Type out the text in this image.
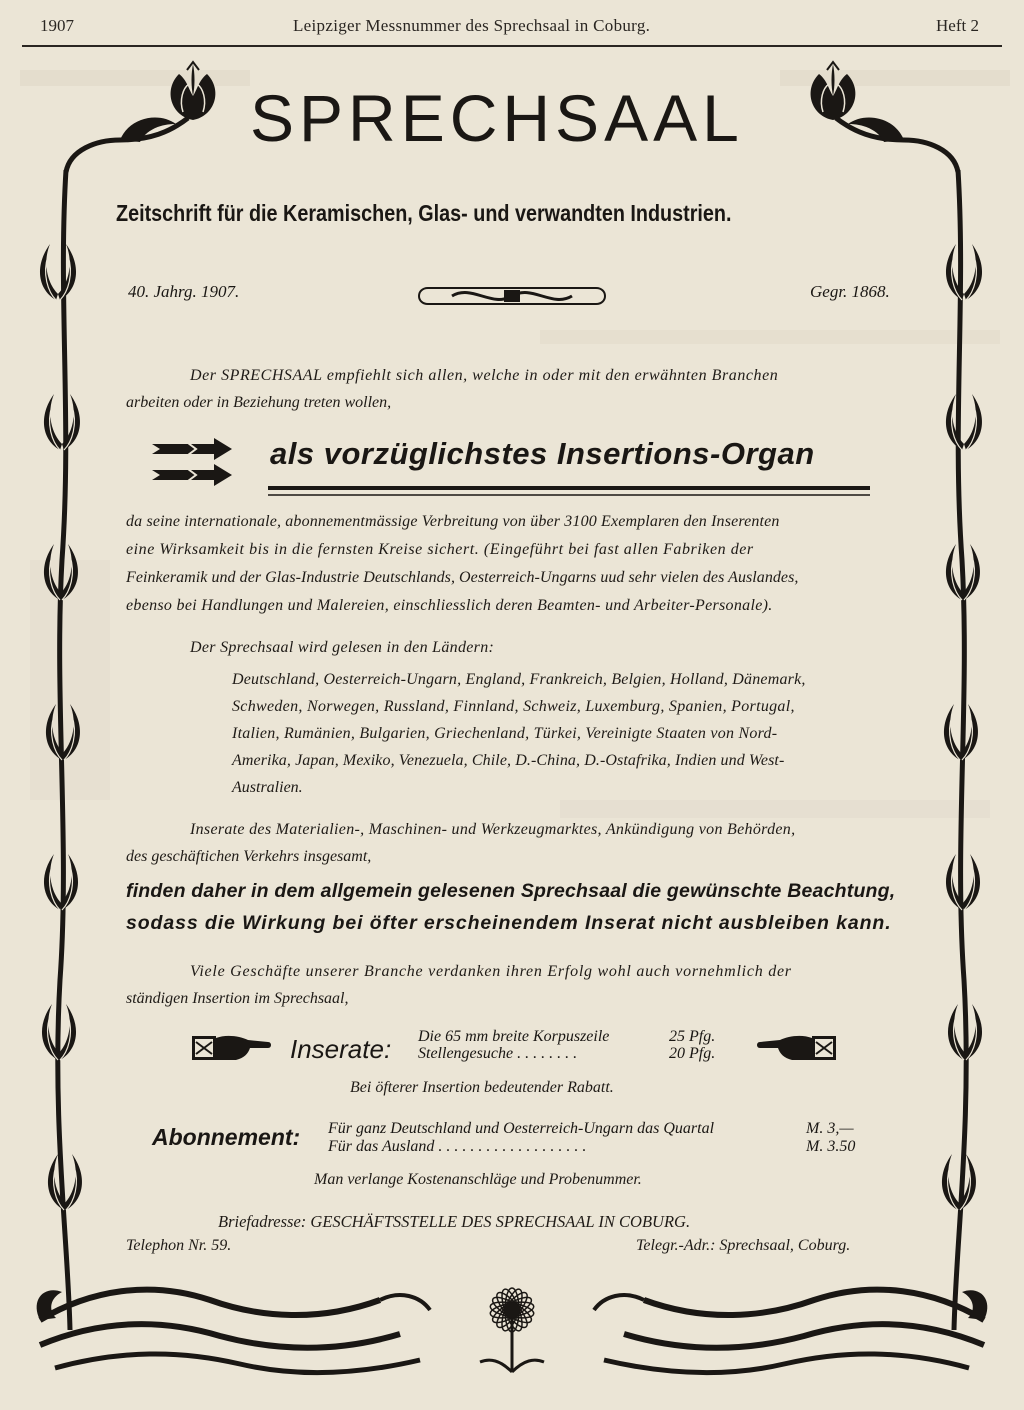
1907	Leipziger Messnummer des Sprechsaal in Coburg.	Heft 2
SPRECHSAAL
Zeitschrift für die Keramischen, Glas- und verwandten Industrien.
40. Jahrg. 1907.	Gegr. 1868.
Der SPRECHSAAL empfiehlt sich allen, welche in oder mit den erwähnten Branchen
arbeiten oder in Beziehung treten wollen,
als vorzüglichstes Insertions-Organ
da seine internationale, abonnementmässige Verbreitung von über 3100 Exemplaren den Inserenten
eine Wirksamkeit bis in die fernsten Kreise sichert. (Eingeführt bei fast allen Fabriken der
Feinkeramik und der Glas-Industrie Deutschlands, Oesterreich-Ungarns uud sehr vielen des Auslandes,
ebenso bei Handlungen und Malereien, einschliesslich deren Beamten- und Arbeiter-Personale).
Der Sprechsaal wird gelesen in den Ländern:
Deutschland, Oesterreich-Ungarn, England, Frankreich, Belgien, Holland, Dänemark,
Schweden, Norwegen, Russland, Finnland, Schweiz, Luxemburg, Spanien, Portugal,
Italien, Rumänien, Bulgarien, Griechenland, Türkei, Vereinigte Staaten von Nord-
Amerika, Japan, Mexiko, Venezuela, Chile, D.-China, D.-Ostafrika, Indien und West-
Australien.
Inserate des Materialien-, Maschinen- und Werkzeugmarktes, Ankündigung von Behörden,
des geschäftichen Verkehrs insgesamt,
finden daher in dem allgemein gelesenen Sprechsaal die gewünschte Beachtung,
sodass die Wirkung bei öfter erscheinendem Inserat nicht ausbleiben kann.
Viele Geschäfte unserer Branche verdanken ihren Erfolg wohl auch vornehmlich der
ständigen Insertion im Sprechsaal,
Inserate: Die 65 mm breite Korpuszeile	25 Pfg.
Stellengesuche . . . . . . . .	20 Pfg.
Bei öfterer Insertion bedeutender Rabatt.
Abonnement: Für ganz Deutschland und Oesterreich-Ungarn das Quartal	M. 3,—
Für das Ausland . . . . . . . . . . . . . . . . . . .	M. 3.50
Man verlange Kostenanschläge und Probenummer.
Briefadresse: GESCHÄFTSSTELLE DES SPRECHSAAL IN COBURG.
Telephon Nr. 59.	Telegr.-Adr.: Sprechsaal, Coburg.
